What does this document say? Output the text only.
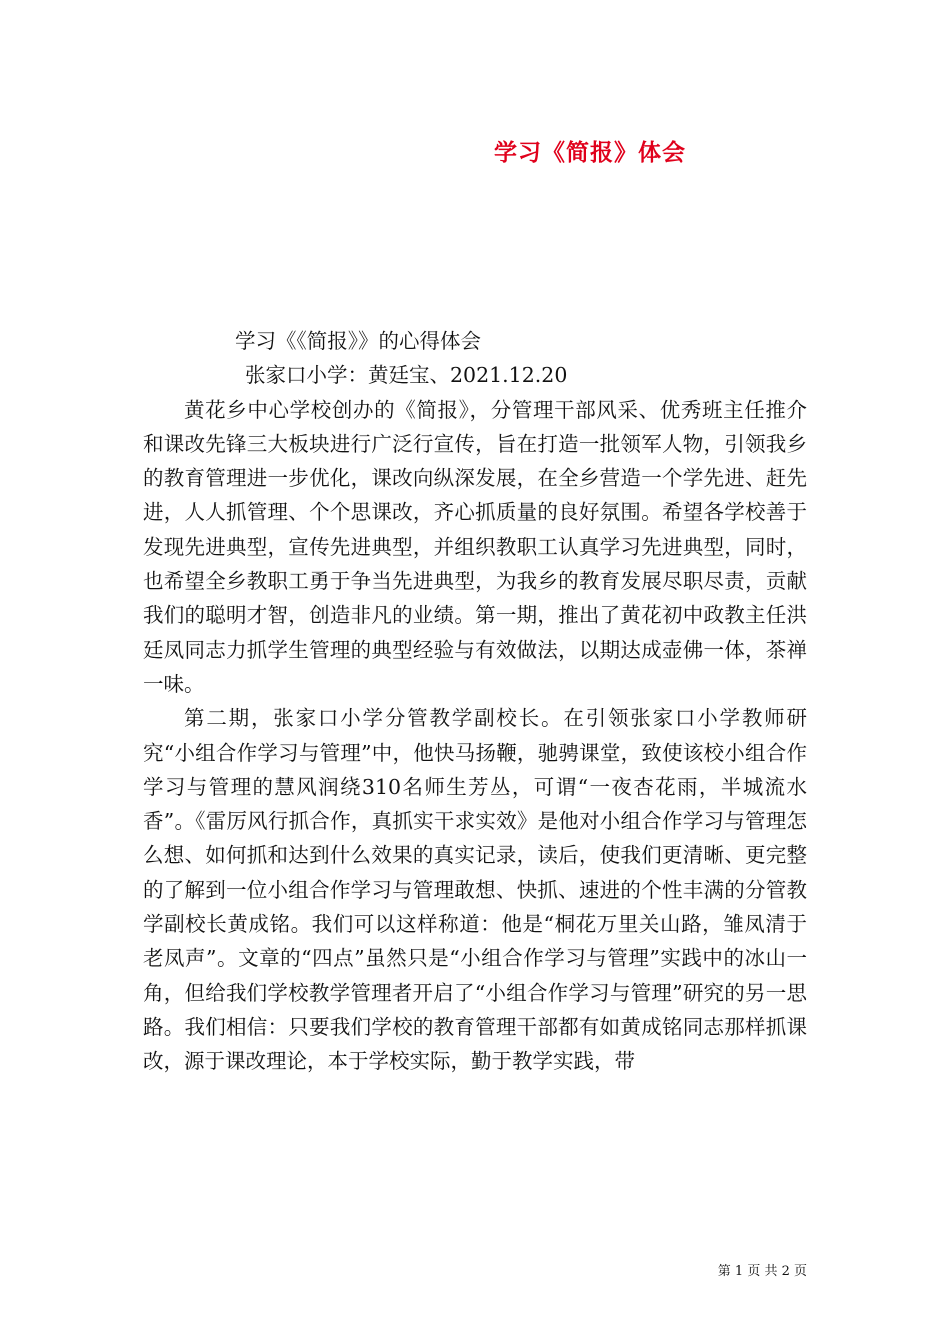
学习《简报》体会
学习《《简报》》的心得体会
张家口小学：黄廷宝、2021.12.20

黄花乡中心学校创办的《简报》，分管理干部风采、优秀班主任推介和课改先锋三大板块进行广泛行宣传，旨在打造一批领军人物，引领我乡的教育管理进一步优化，课改向纵深发展，在全乡营造一个学先进、赶先进，人人抓管理、个个思课改，齐心抓质量的良好氛围。希望各学校善于发现先进典型，宣传先进典型，并组织教职工认真学习先进典型，同时，也希望全乡教职工勇于争当先进典型，为我乡的教育发展尽职尽责，贡献我们的聪明才智，创造非凡的业绩。第一期，推出了黄花初中政教主任洪廷凤同志力抓学生管理的典型经验与有效做法，以期达成壶佛一体，茶禅一味。

第二期，张家口小学分管教学副校长。在引领张家口小学教师研究“小组合作学习与管理”中，他快马扬鞭，驰骋课堂，致使该校小组合作学习与管理的慧风润绕310名师生芳丛，可谓“一夜杏花雨，半城流水香”。《雷厉风行抓合作，真抓实干求实效》是他对小组合作学习与管理怎么想、如何抓和达到什么效果的真实记录，读后，使我们更清晰、更完整的了解到一位小组合作学习与管理敢想、快抓、速进的个性丰满的分管教学副校长黄成铭。我们可以这样称道：他是“桐花万里关山路，雏凤清于老凤声”。文章的“四点”虽然只是“小组合作学习与管理”实践中的冰山一角，但给我们学校教学管理者开启了“小组合作学习与管理”研究的另一思路。我们相信：只要我们学校的教育管理干部都有如黄成铭同志那样抓课改，源于课改理论，本于学校实际，勤于教学实践，带

第 1 页 共 2 页
